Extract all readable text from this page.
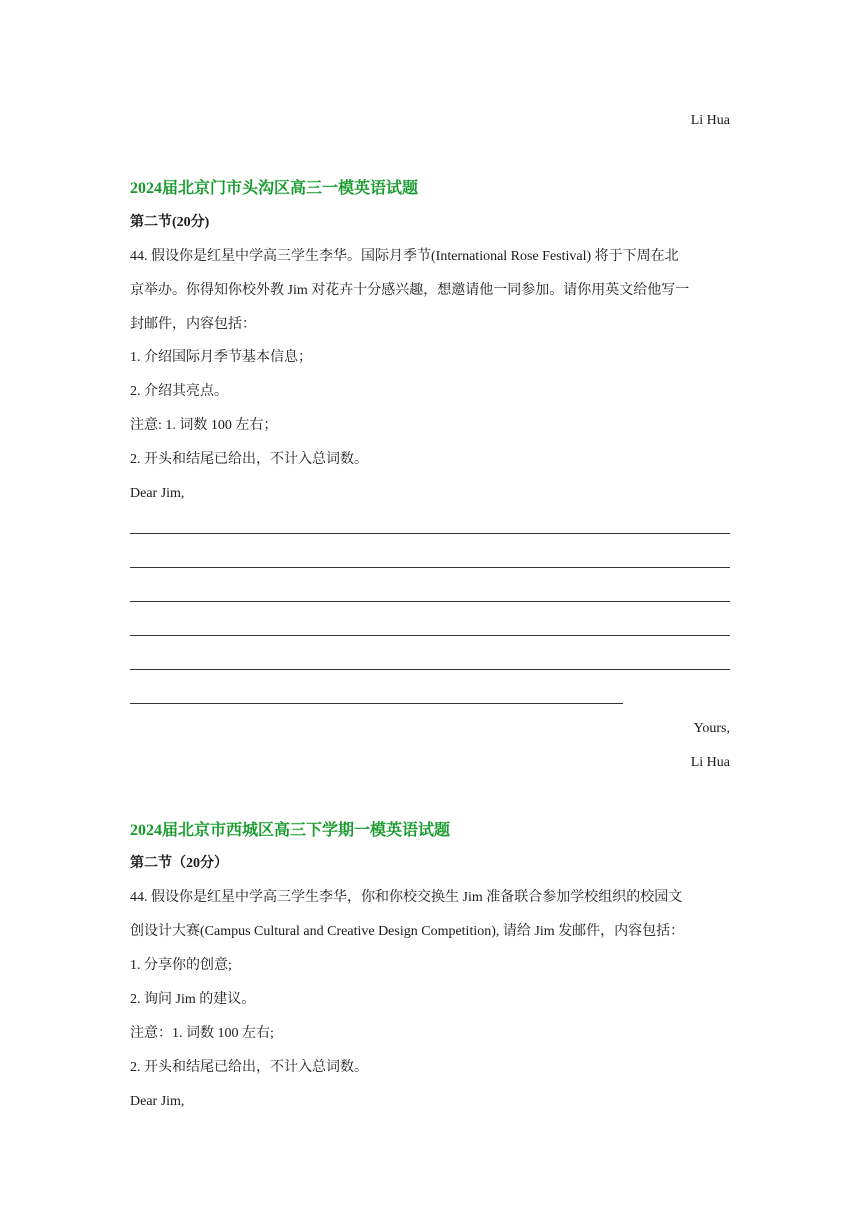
Li Hua
2024届北京门市头沟区高三一模英语试题
第二节(20分)
44. 假设你是红星中学高三学生李华。国际月季节(International Rose Festival) 将于下周在北
京举办。你得知你校外教 Jim 对花卉十分感兴趣，想邀请他一同参加。请你用英文给他写一
封邮件，内容包括：
1. 介绍国际月季节基本信息；
2. 介绍其亮点。
注意: 1. 词数 100 左右；
2. 开头和结尾已给出，不计入总词数。
Dear Jim,
Yours,
Li Hua
2024届北京市西城区高三下学期一模英语试题
第二节（20分）
44. 假设你是红星中学高三学生李华，你和你校交换生 Jim 准备联合参加学校组织的校园文
创设计大赛(Campus Cultural and Creative Design Competition), 请给 Jim 发邮件，内容包括：
1. 分享你的创意;
2. 询问 Jim 的建议。
注意：1. 词数 100 左右;
2. 开头和结尾已给出，不计入总词数。
Dear Jim,
